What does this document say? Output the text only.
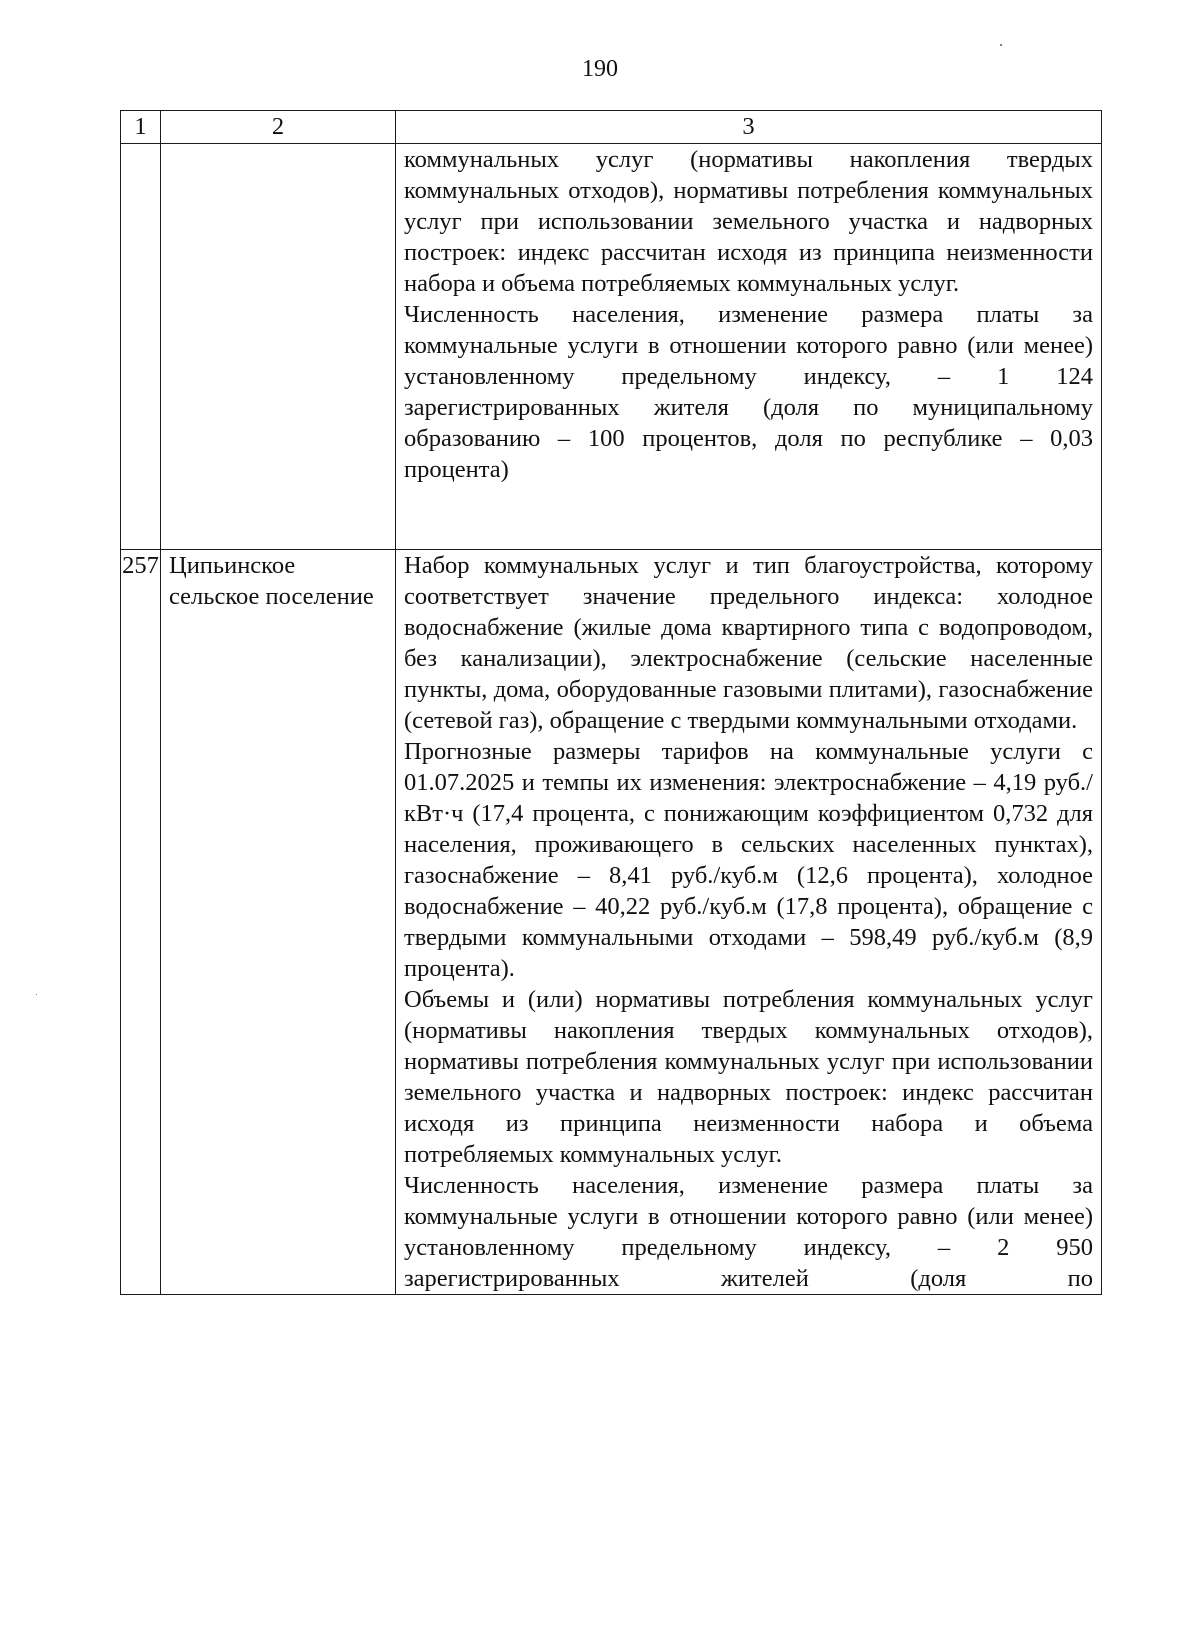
190
1	2	3

		коммунальных услуг (нормативы накопления твердых коммунальных отходов), нормативы потребления коммунальных услуг при использовании земельного участка и надворных построек: индекс рассчитан исходя из принципа неизменности набора и объема потребляемых коммунальных услуг.
Численность населения, изменение размера платы за коммунальные услуги в отношении которого равно (или менее) установленному предельному индексу, – 1 124 зарегистрированных жителя (доля по муниципальному образованию – 100 процентов, доля по республике – 0,03 процента)

257	Ципьинское сельское поселение	Набор коммунальных услуг и тип благоустройства, которому соответствует значение предельного индекса: холодное водоснабжение (жилые дома квартирного типа с водопроводом, без канализации), электроснабжение (сельские населенные пункты, дома, оборудованные газовыми плитами), газоснабжение (сетевой газ), обращение с твердыми коммунальными отходами.
Прогнозные размеры тарифов на коммунальные услуги с 01.07.2025 и темпы их изменения: электроснабжение – 4,19 руб./кВт·ч (17,4 процента, с понижающим коэффициентом 0,732 для населения, проживающего в сельских населенных пунктах), газоснабжение – 8,41 руб./куб.м (12,6 процента), холодное водоснабжение – 40,22 руб./куб.м (17,8 процента), обращение с твердыми коммунальными отходами – 598,49 руб./куб.м (8,9 процента).
Объемы и (или) нормативы потребления коммунальных услуг (нормативы накопления твердых коммунальных отходов), нормативы потребления коммунальных услуг при использовании земельного участка и надворных построек: индекс рассчитан исходя из принципа неизменности набора и объема потребляемых коммунальных услуг.
Численность населения, изменение размера платы за коммунальные услуги в отношении которого равно (или менее) установленному предельному индексу, – 2 950 зарегистрированных жителей (доля по
